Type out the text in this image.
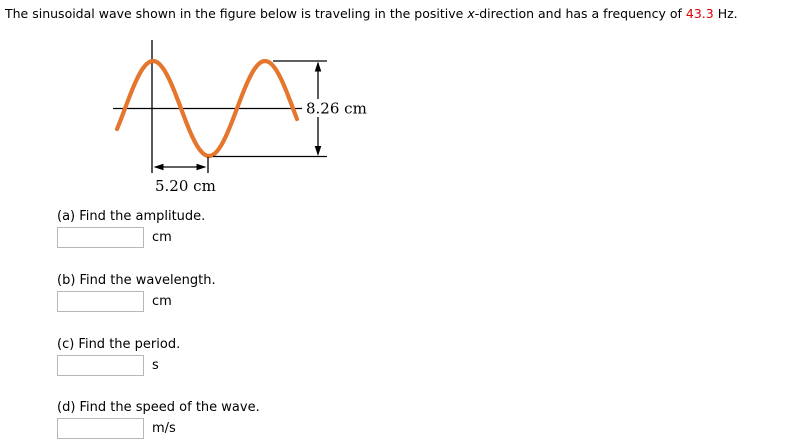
The sinusoidal wave shown in the figure below is traveling in the positive x-direction and has a frequency of 43.3 Hz.
8.26 cm
5.20 cm
(a) Find the amplitude.
cm
(b) Find the wavelength.
cm
(c) Find the period.
s
(d) Find the speed of the wave.
m/s
